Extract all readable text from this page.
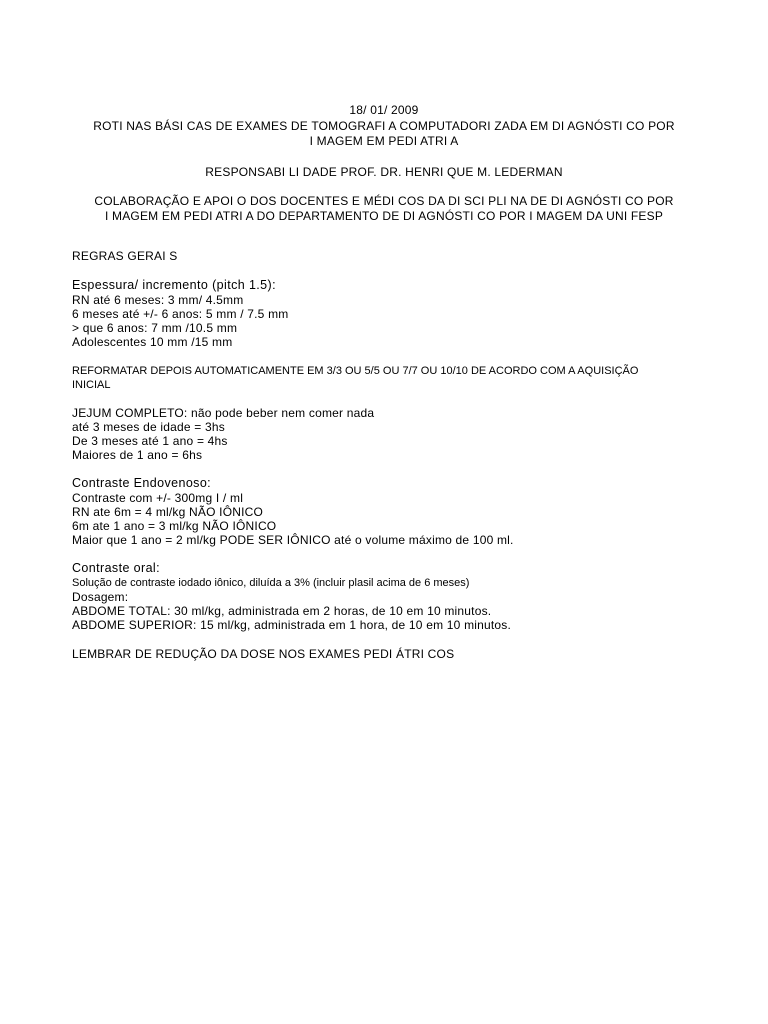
18/ 01/ 2009
ROTI NAS BÁSI CAS DE EXAMES DE TOMOGRAFI A COMPUTADORI ZADA EM DI AGNÓSTI CO POR
I MAGEM EM PEDI ATRI A
RESPONSABI LI DADE PROF. DR. HENRI QUE M. LEDERMAN
COLABORAÇÃO E APOI O DOS DOCENTES E MÉDI COS DA DI SCI PLI NA DE DI AGNÓSTI CO POR
I MAGEM EM PEDI ATRI A DO DEPARTAMENTO DE DI AGNÓSTI CO POR I MAGEM DA UNI FESP
REGRAS GERAI S
Espessura/ incremento (pitch 1.5):
RN até 6 meses: 3 mm/ 4.5mm
6 meses até +/- 6 anos: 5 mm / 7.5 mm
> que 6 anos: 7 mm /10.5 mm
Adolescentes 10 mm /15 mm
REFORMATAR DEPOIS AUTOMATICAMENTE EM 3/3 OU 5/5 OU 7/7 OU 10/10 DE ACORDO COM A AQUISIÇÃO
INICIAL
JEJUM COMPLETO: não pode beber nem comer nada
até 3 meses de idade = 3hs
De 3 meses até 1 ano = 4hs
Maiores de 1 ano = 6hs
Contraste Endovenoso:
Contraste com +/- 300mg I / ml
RN ate 6m = 4 ml/kg NÃO IÔNICO
6m ate 1 ano = 3 ml/kg NÃO IÔNICO
Maior que 1 ano = 2 ml/kg PODE SER IÔNICO até o volume máximo de 100 ml.
Contraste oral:
Solução de contraste iodado iônico, diluída a 3% (incluir plasil acima de 6 meses)
Dosagem:
ABDOME TOTAL: 30 ml/kg, administrada em 2 horas, de 10 em 10 minutos.
ABDOME SUPERIOR: 15 ml/kg, administrada em 1 hora, de 10 em 10 minutos.
LEMBRAR DE REDUÇÃO DA DOSE NOS EXAMES PEDI ÁTRI COS
